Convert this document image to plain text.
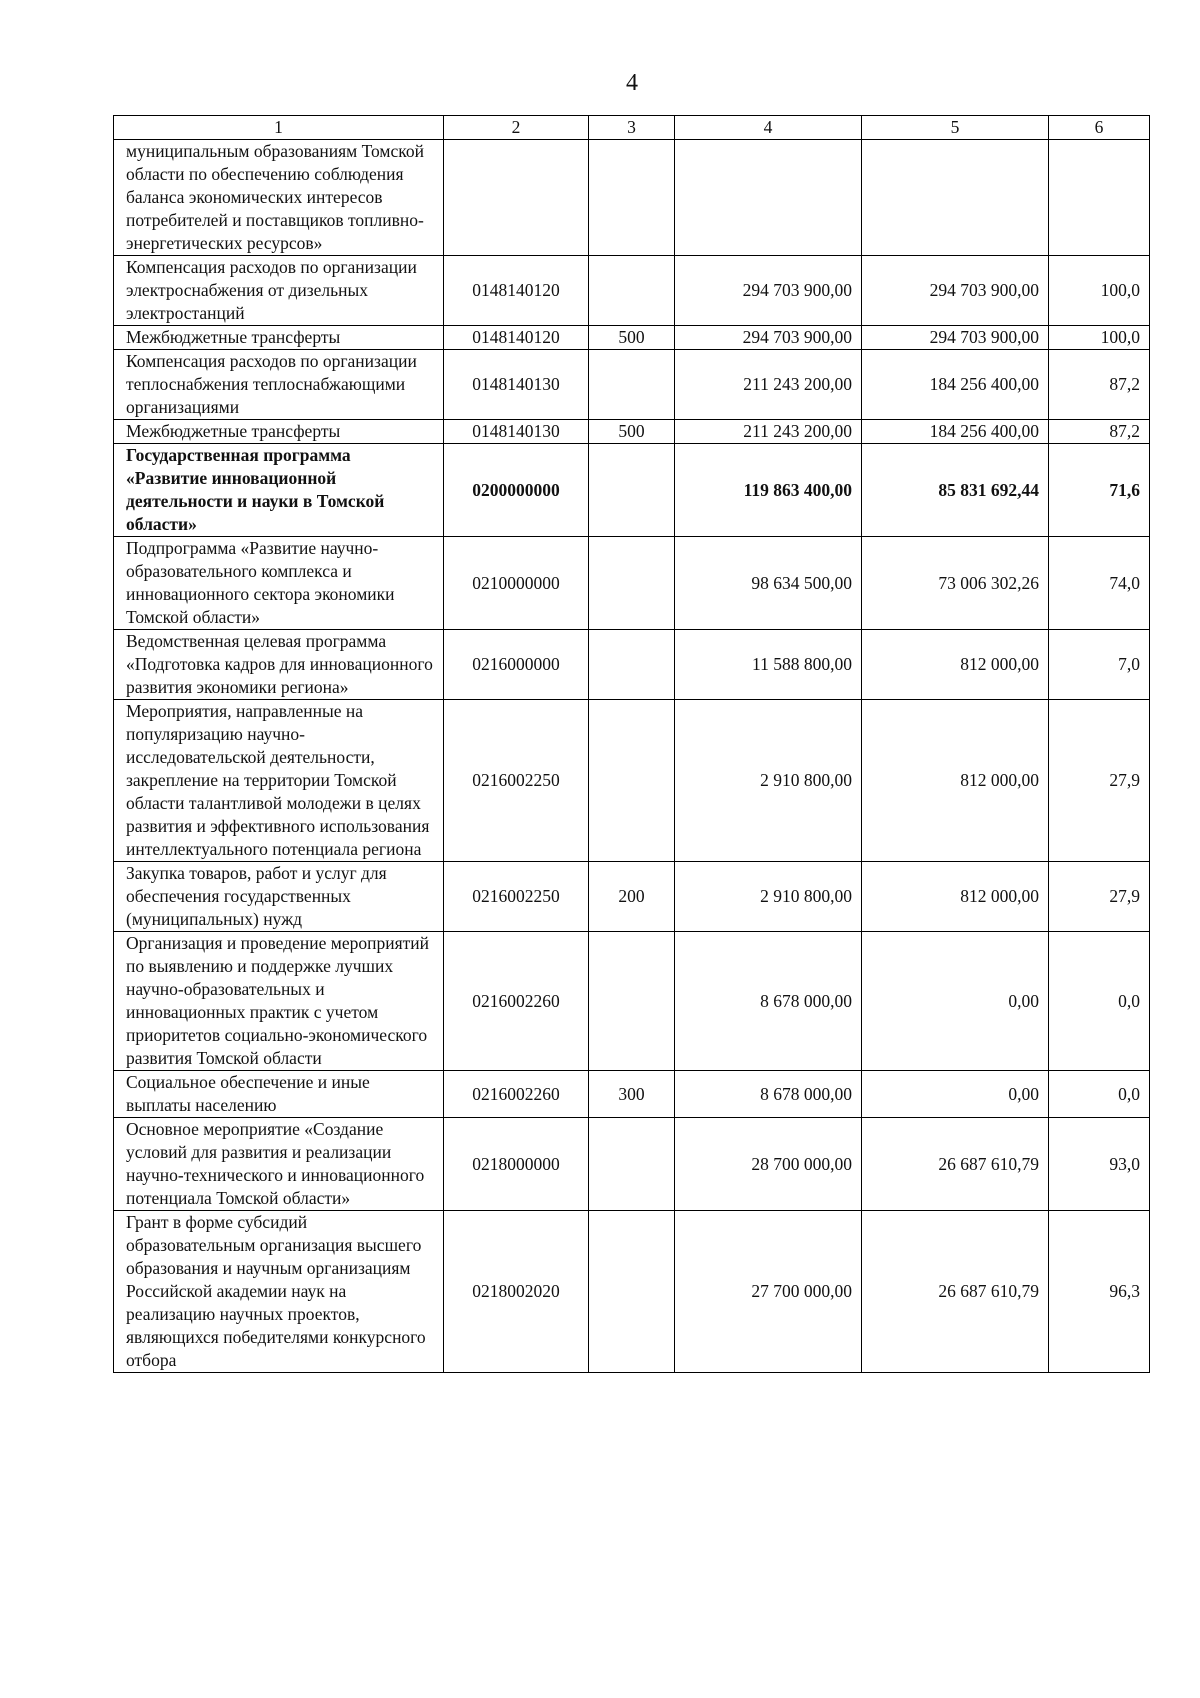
4
1	2	3	4	5	6
муниципальным образованиям Томской области по обеспечению соблюдения баланса экономических интересов потребителей и поставщиков топливно-энергетических ресурсов»					
Компенсация расходов по организации электроснабжения от дизельных электростанций	0148140120		294 703 900,00	294 703 900,00	100,0
Межбюджетные трансферты	0148140120	500	294 703 900,00	294 703 900,00	100,0
Компенсация расходов по организации теплоснабжения теплоснабжающими организациями	0148140130		211 243 200,00	184 256 400,00	87,2
Межбюджетные трансферты	0148140130	500	211 243 200,00	184 256 400,00	87,2
Государственная программа «Развитие инновационной деятельности и науки в Томской области»	0200000000		119 863 400,00	85 831 692,44	71,6
Подпрограмма «Развитие научно-образовательного комплекса и инновационного сектора экономики Томской области»	0210000000		98 634 500,00	73 006 302,26	74,0
Ведомственная целевая программа «Подготовка кадров для инновационного развития экономики региона»	0216000000		11 588 800,00	812 000,00	7,0
Мероприятия, направленные на популяризацию научно-исследовательской деятельности, закрепление на территории Томской области талантливой молодежи в целях развития и эффективного использования интеллектуального потенциала региона	0216002250		2 910 800,00	812 000,00	27,9
Закупка товаров, работ и услуг для обеспечения государственных (муниципальных) нужд	0216002250	200	2 910 800,00	812 000,00	27,9
Организация и проведение мероприятий по выявлению и поддержке лучших научно-образовательных и инновационных практик с учетом приоритетов социально-экономического развития Томской области	0216002260		8 678 000,00	0,00	0,0
Социальное обеспечение и иные выплаты населению	0216002260	300	8 678 000,00	0,00	0,0
Основное мероприятие «Создание условий для развития и реализации научно-технического и инновационного потенциала Томской области»	0218000000		28 700 000,00	26 687 610,79	93,0
Грант в форме субсидий образовательным организация высшего образования и научным организациям Российской академии наук на реализацию научных проектов, являющихся победителями конкурсного отбора	0218002020		27 700 000,00	26 687 610,79	96,3
